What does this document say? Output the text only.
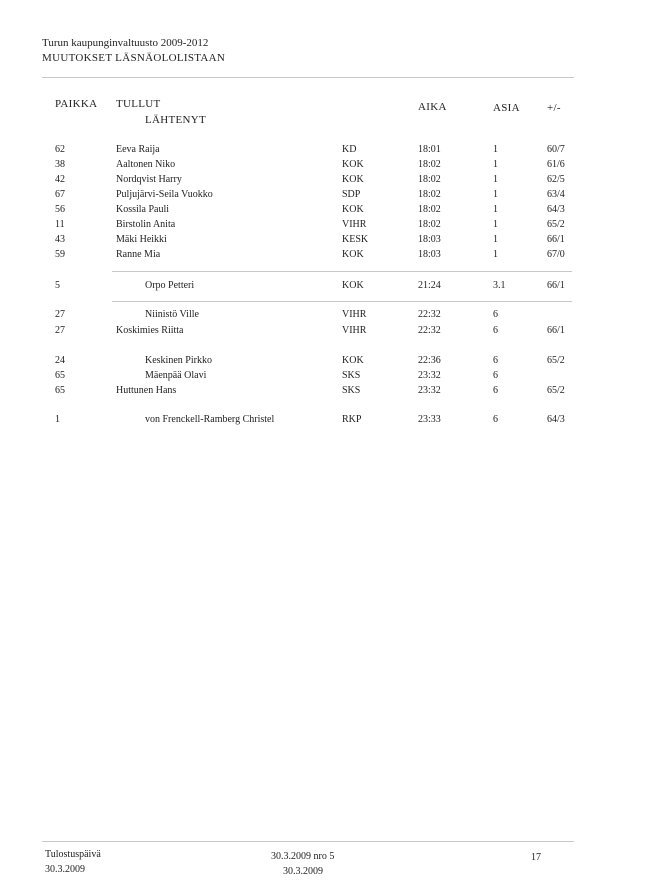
Turun kaupunginvaltuusto 2009-2012
MUUTOKSET LÄSNÄOLOLISTAAN
PAIKKA TULLUT
LÄHTENYT
AIKA	ASIA +/-
62	Eeva Raija	KD	18:01	1	60/7
38	Aaltonen Niko	KOK	18:02	1	61/6
42	Nordqvist Harry	KOK	18:02	1	62/5
67	Puljujärvi-Seila Vuokko	SDP	18:02	1	63/4
56	Kossila Pauli	KOK	18:02	1	64/3
11	Birstolin Anita	VIHR	18:02	1	65/2
43	Mäki Heikki	KESK	18:03	1	66/1
59	Ranne Mia	KOK	18:03	1	67/0
5	Orpo Petteri	KOK	21:24	3.1	66/1
27	Niinistö Ville	VIHR	22:32	6
27	Koskimies Riitta	VIHR	22:32	6	66/1
24	Keskinen Pirkko	KOK	22:36	6	65/2
65	Mäenpää Olavi	SKS	23:32	6
65	Huttunen Hans	SKS	23:32	6	65/2
1	von Frenckell-Ramberg Christel	RKP	23:33	6	64/3
Tulostuspäivä
30.3.2009
30.3.2009 nro 5
30.3.2009
17
